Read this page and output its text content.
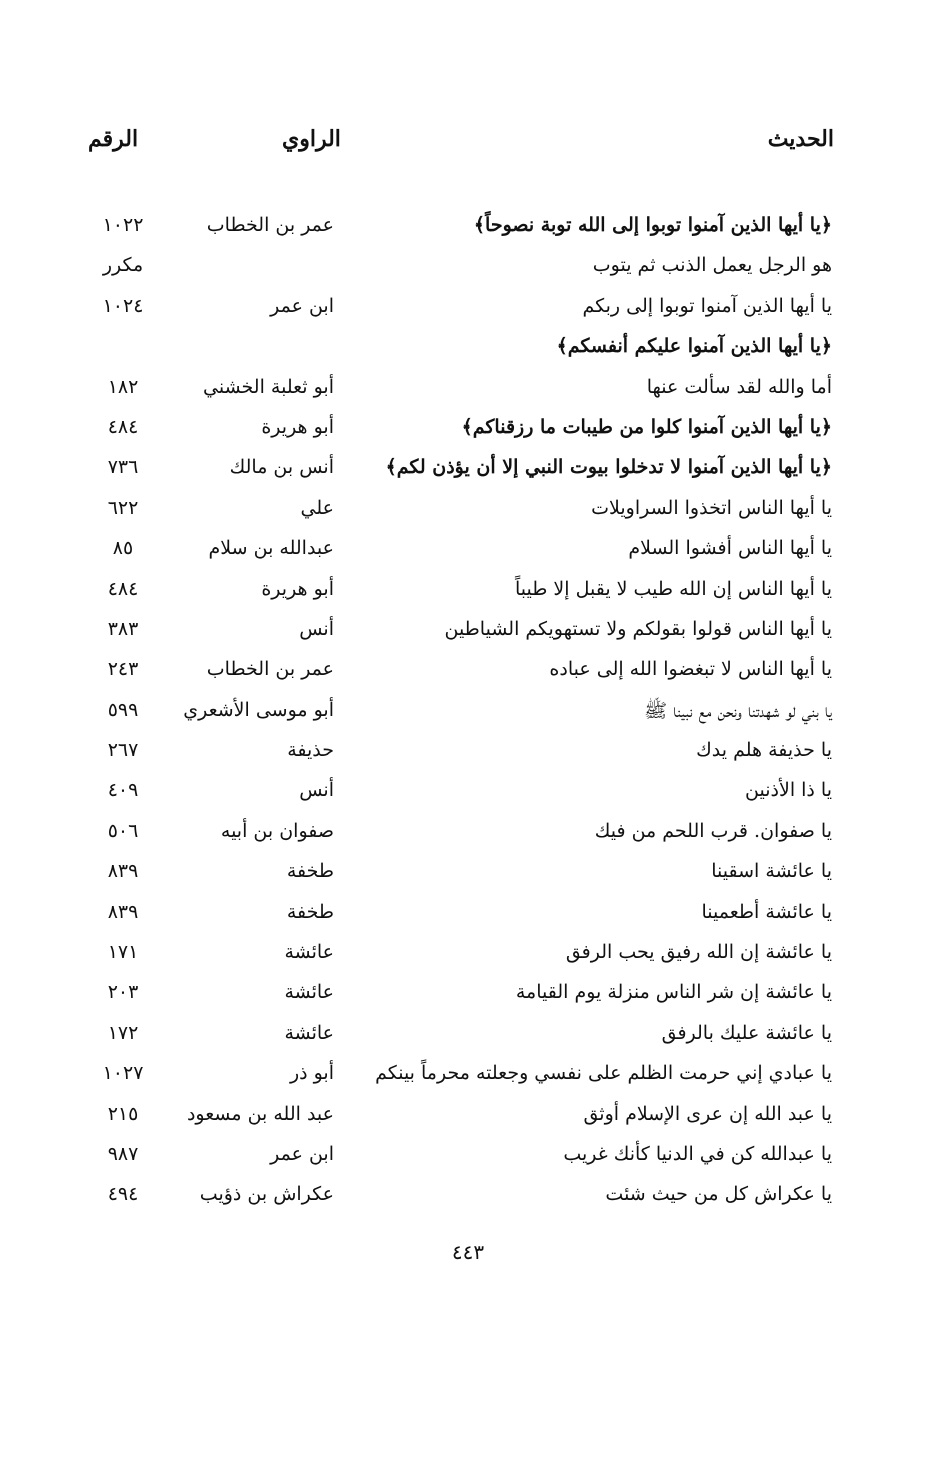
الحديث
الراوي
الرقم
﴿يا أيها الذين آمنوا توبوا إلى الله توبة نصوحاً﴾
عمر بن الخطاب
١٠٢٢
هو الرجل يعمل الذنب ثم يتوب
مكرر
يا أيها الذين آمنوا توبوا إلى ربكم
ابن عمر
١٠٢٤
﴿يا أيها الذين آمنوا عليكم أنفسكم﴾
أما والله لقد سألت عنها
أبو ثعلبة الخشني
١٨٢
﴿يا أيها الذين آمنوا كلوا من طيبات ما رزقناكم﴾
أبو هريرة
٤٨٤
﴿يا أيها الذين آمنوا لا تدخلوا بيوت النبي إلا أن يؤذن لكم﴾
أنس بن مالك
٧٣٦
يا أيها الناس اتخذوا السراويلات
علي
٦٢٢
يا أيها الناس أفشوا السلام
عبدالله بن سلام
٨٥
يا أيها الناس إن الله طيب لا يقبل إلا طيباً
أبو هريرة
٤٨٤
يا أيها الناس قولوا بقولكم ولا تستهويكم الشياطين
أنس
٣٨٣
يا أيها الناس لا تبغضوا الله إلى عباده
عمر بن الخطاب
٢٤٣
يا بني لو شهدتنا ونحن مع نبينا ﷺ
أبو موسى الأشعري
٥٩٩
يا حذيفة هلم يدك
حذيفة
٢٦٧
يا ذا الأذنين
أنس
٤٠٩
يا صفوان. قرب اللحم من فيك
صفوان بن أبيه
٥٠٦
يا عائشة اسقينا
طخفة
٨٣٩
يا عائشة أطعمينا
طخفة
٨٣٩
يا عائشة إن الله رفيق يحب الرفق
عائشة
١٧١
يا عائشة إن شر الناس منزلة يوم القيامة
عائشة
٢٠٣
يا عائشة عليك بالرفق
عائشة
١٧٢
يا عبادي إني حرمت الظلم على نفسي وجعلته محرماً بينكم
أبو ذر
١٠٢٧
يا عبد الله إن عرى الإسلام أوثق
عبد الله بن مسعود
٢١٥
يا عبدالله كن في الدنيا كأنك غريب
ابن عمر
٩٨٧
يا عكراش كل من حيث شئت
عكراش بن ذؤيب
٤٩٤
٤٤٣
